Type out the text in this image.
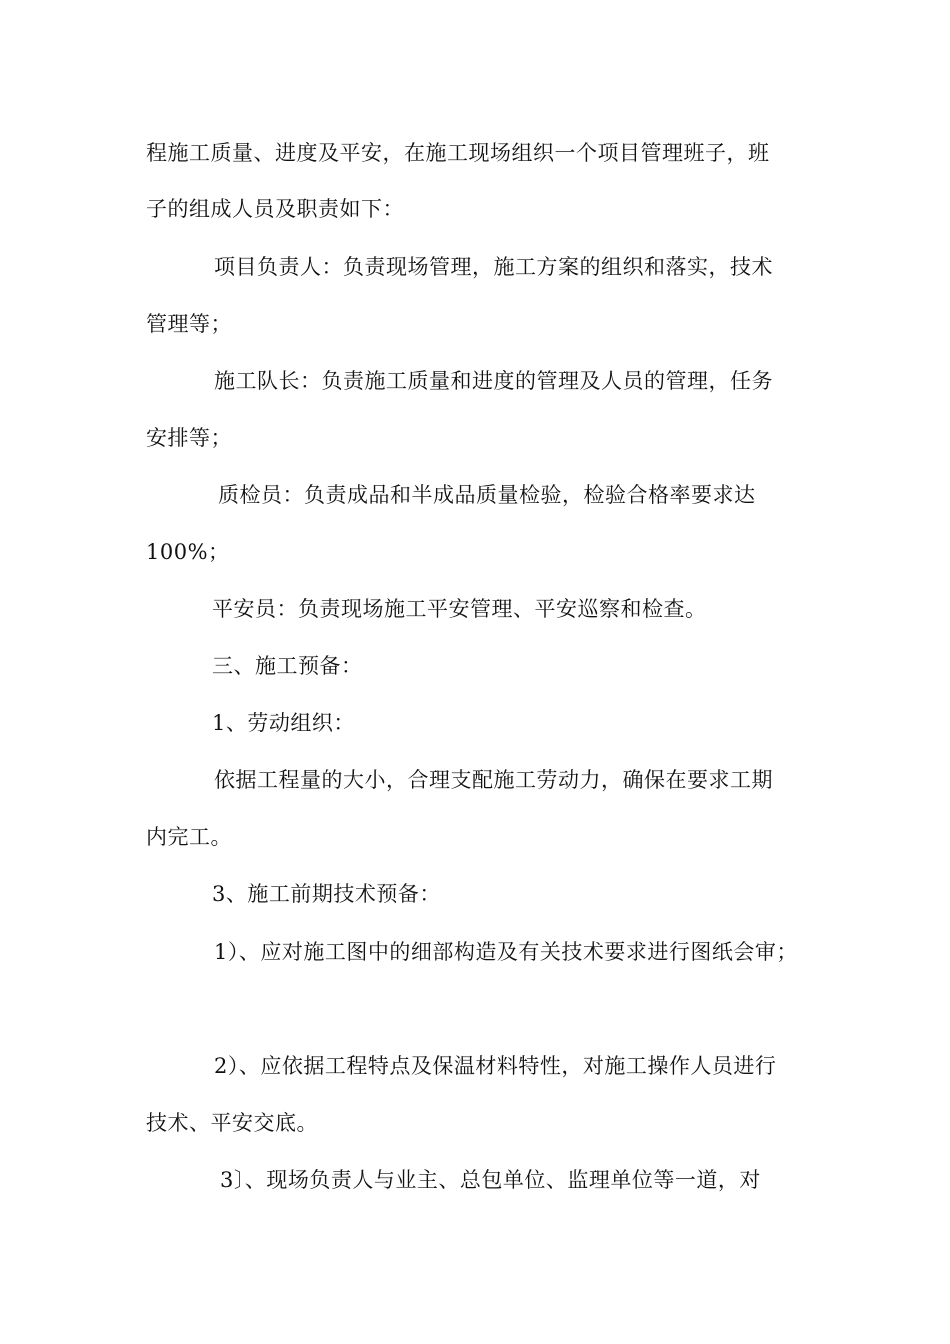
程施工质量、进度及平安，在施工现场组织一个项目管理班子，班
子的组成人员及职责如下：
项目负责人：负责现场管理，施工方案的组织和落实，技术
管理等；
施工队长：负责施工质量和进度的管理及人员的管理，任务
安排等；
质检员：负责成品和半成品质量检验，检验合格率要求达
100%；
平安员：负责现场施工平安管理、平安巡察和检查。
三、施工预备：
1、劳动组织：
依据工程量的大小，合理支配施工劳动力，确保在要求工期
内完工。
3、施工前期技术预备：
1）、应对施工图中的细部构造及有关技术要求进行图纸会审；
2）、应依据工程特点及保温材料特性，对施工操作人员进行
技术、平安交底。
3〕、现场负责人与业主、总包单位、监理单位等一道，对
